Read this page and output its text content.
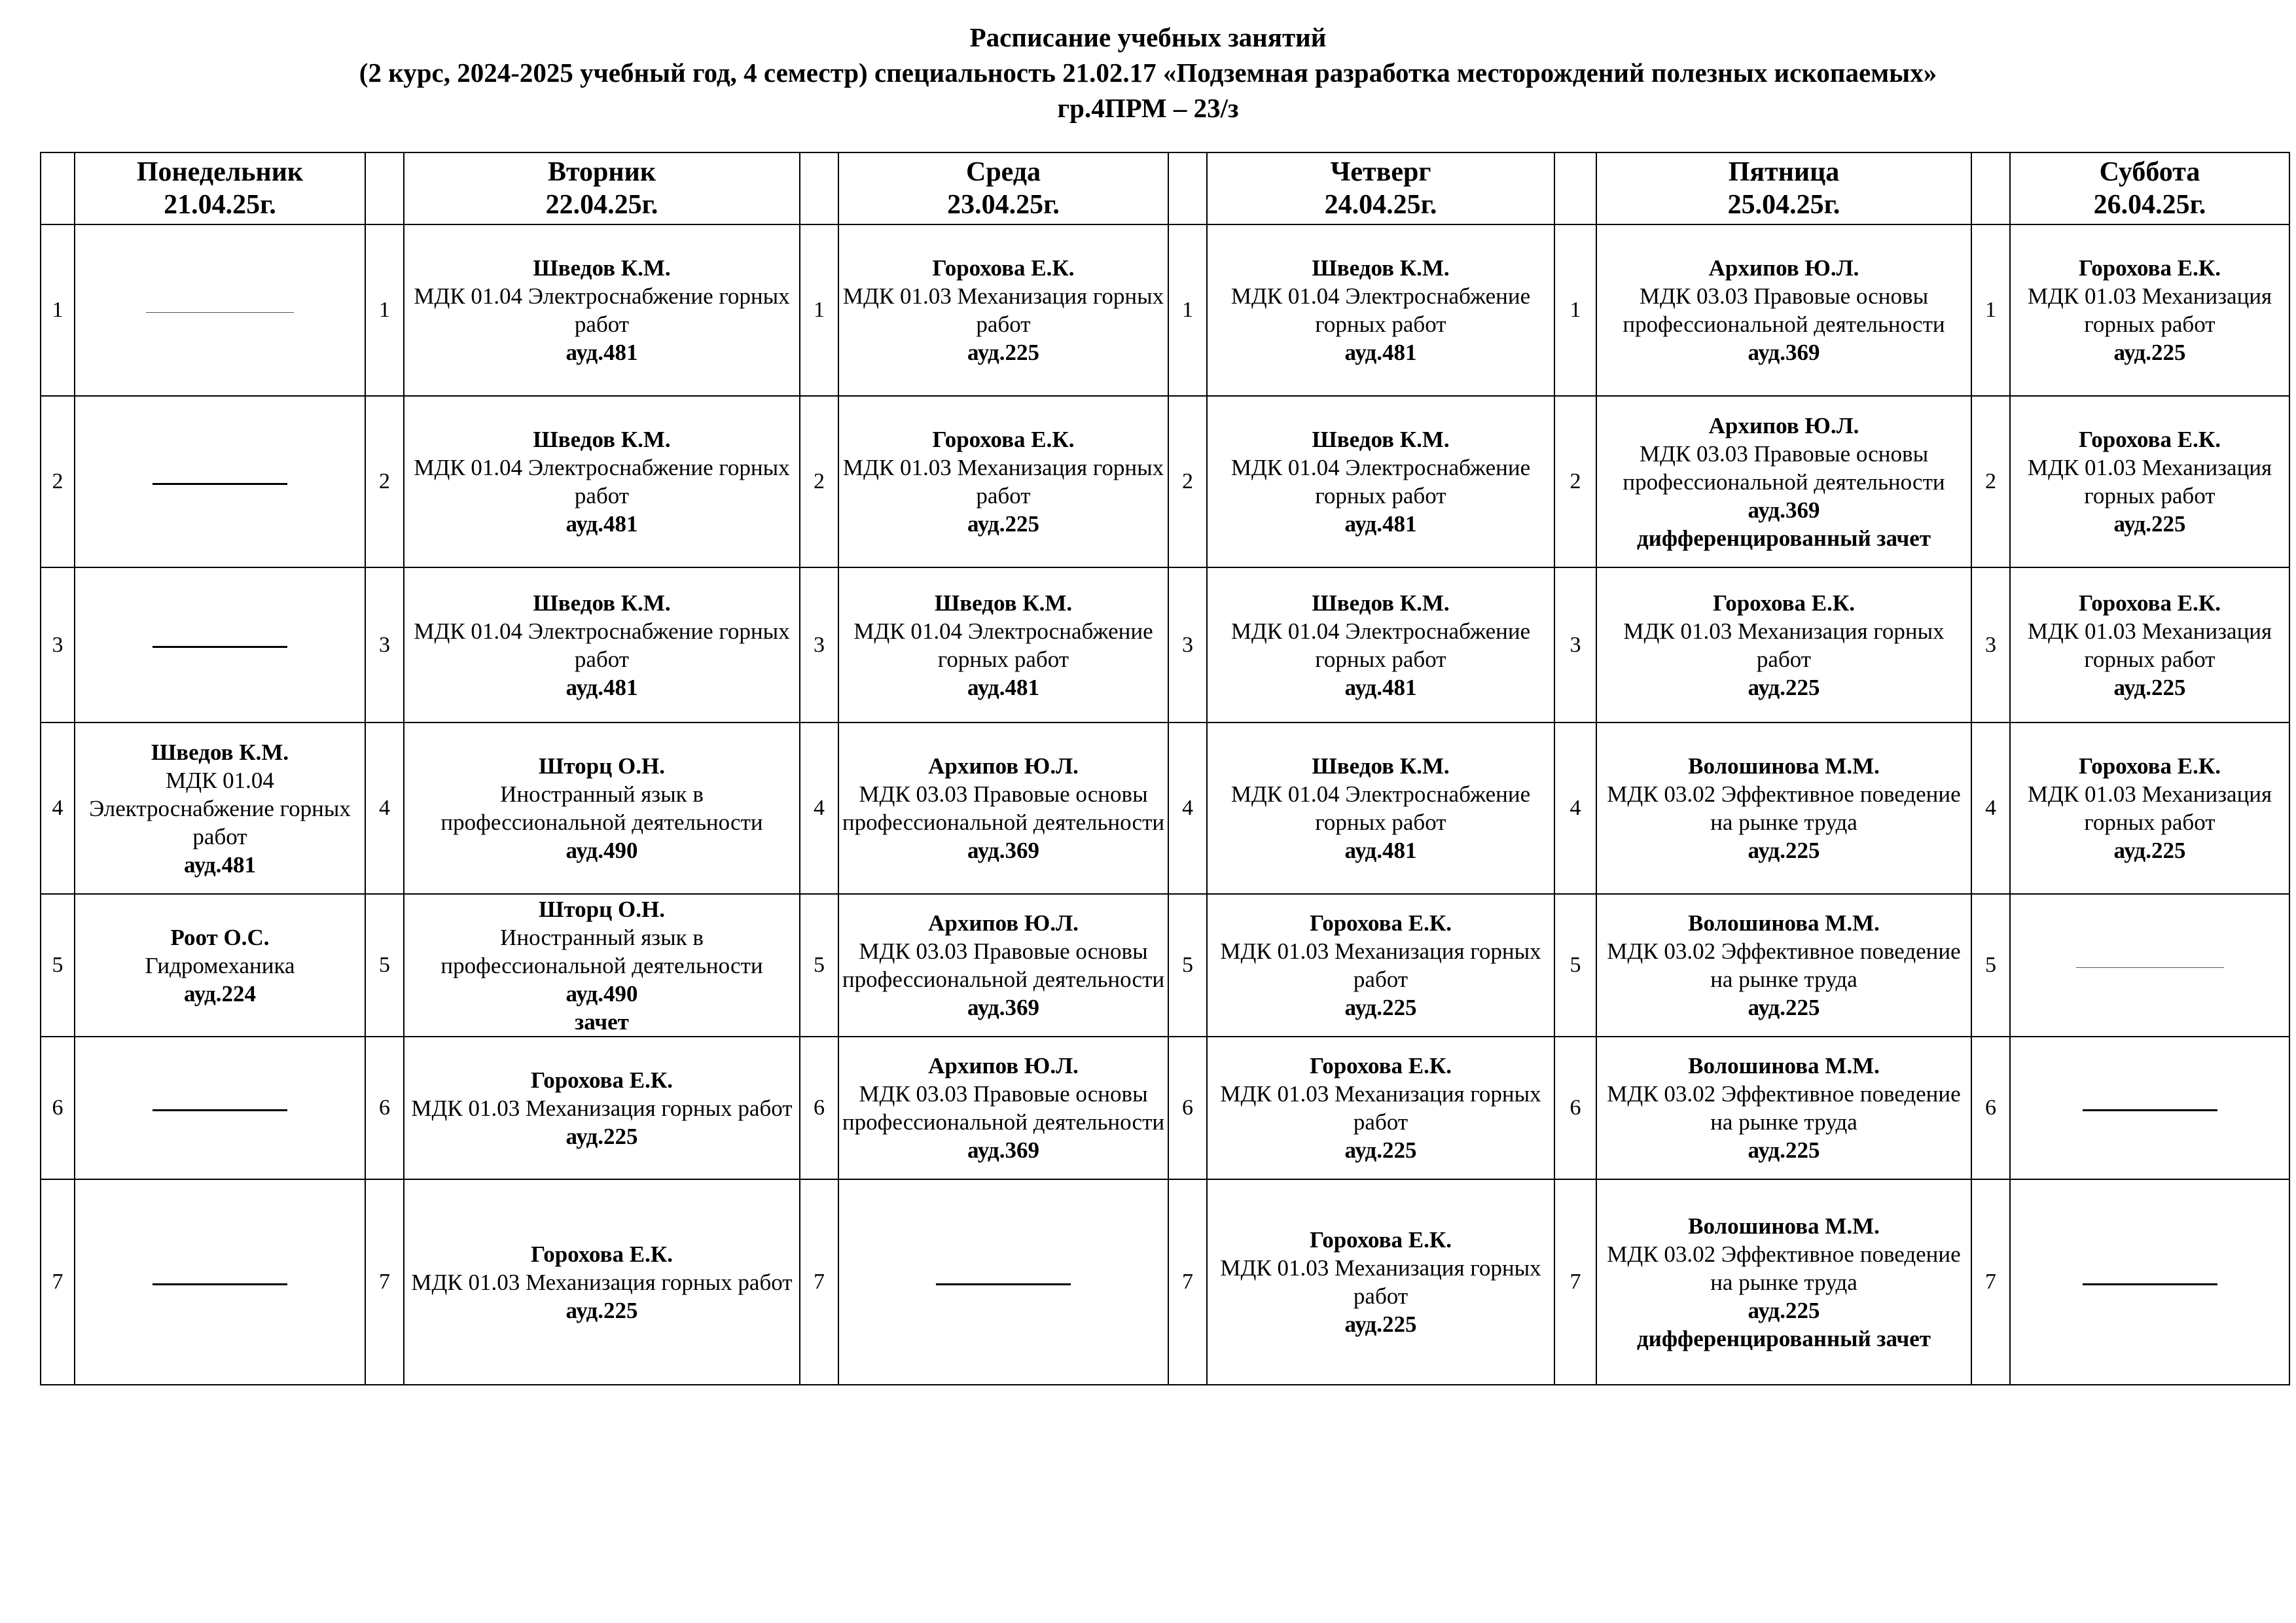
Расписание учебных занятий
(2 курс, 2024-2025 учебный год, 4 семестр) специальность 21.02.17 «Подземная разработка месторождений полезных ископаемых»
гр.4ПРМ – 23/з

	Понедельник
21.04.25г.		Вторник
22.04.25г.		Среда
23.04.25г.		Четверг
24.04.25г.		Пятница
25.04.25г.		Суббота
26.04.25г.

1		1	Шведов К.М.
МДК 01.04 Электроснабжение горных работ
ауд.481	1	Горохова Е.К.
МДК 01.03 Механизация горных работ
ауд.225	1	Шведов К.М.
МДК 01.04 Электроснабжение горных работ
ауд.481	1	Архипов Ю.Л.
МДК 03.03 Правовые основы профессиональной деятельности
ауд.369	1	Горохова Е.К.
МДК 01.03 Механизация горных работ
ауд.225

2		2	Шведов К.М.
МДК 01.04 Электроснабжение горных работ
ауд.481	2	Горохова Е.К.
МДК 01.03 Механизация горных работ
ауд.225	2	Шведов К.М.
МДК 01.04 Электроснабжение горных работ
ауд.481	2	Архипов Ю.Л.
МДК 03.03 Правовые основы профессиональной деятельности
ауд.369
дифференцированный зачет	2	Горохова Е.К.
МДК 01.03 Механизация горных работ
ауд.225

3		3	Шведов К.М.
МДК 01.04 Электроснабжение горных работ
ауд.481	3	Шведов К.М.
МДК 01.04 Электроснабжение горных работ
ауд.481	3	Шведов К.М.
МДК 01.04 Электроснабжение горных работ
ауд.481	3	Горохова Е.К.
МДК 01.03 Механизация горных работ
ауд.225	3	Горохова Е.К.
МДК 01.03 Механизация горных работ
ауд.225

4	Шведов К.М.
МДК 01.04 Электроснабжение горных работ
ауд.481	4	Шторц О.Н.
Иностранный язык в профессиональной деятельности
ауд.490	4	Архипов Ю.Л.
МДК 03.03 Правовые основы профессиональной деятельности
ауд.369	4	Шведов К.М.
МДК 01.04 Электроснабжение горных работ
ауд.481	4	Волошинова М.М.
МДК 03.02 Эффективное поведение на рынке труда
ауд.225	4	Горохова Е.К.
МДК 01.03 Механизация горных работ
ауд.225

5	Роот О.С.
Гидромеханика
ауд.224	5	Шторц О.Н.
Иностранный язык в профессиональной деятельности
ауд.490
зачет	5	Архипов Ю.Л.
МДК 03.03 Правовые основы профессиональной деятельности
ауд.369	5	Горохова Е.К.
МДК 01.03 Механизация горных работ
ауд.225	5	Волошинова М.М.
МДК 03.02 Эффективное поведение на рынке труда
ауд.225	5	
6		6	Горохова Е.К.
МДК 01.03 Механизация горных работ
ауд.225	6	Архипов Ю.Л.
МДК 03.03 Правовые основы профессиональной деятельности
ауд.369	6	Горохова Е.К.
МДК 01.03 Механизация горных работ
ауд.225	6	Волошинова М.М.
МДК 03.02 Эффективное поведение на рынке труда
ауд.225	6	
7		7	Горохова Е.К.
МДК 01.03 Механизация горных работ
ауд.225	7		7	Горохова Е.К.
МДК 01.03 Механизация горных работ
ауд.225	7	Волошинова М.М.
МДК 03.02 Эффективное поведение на рынке труда
ауд.225
дифференцированный зачет	7	
